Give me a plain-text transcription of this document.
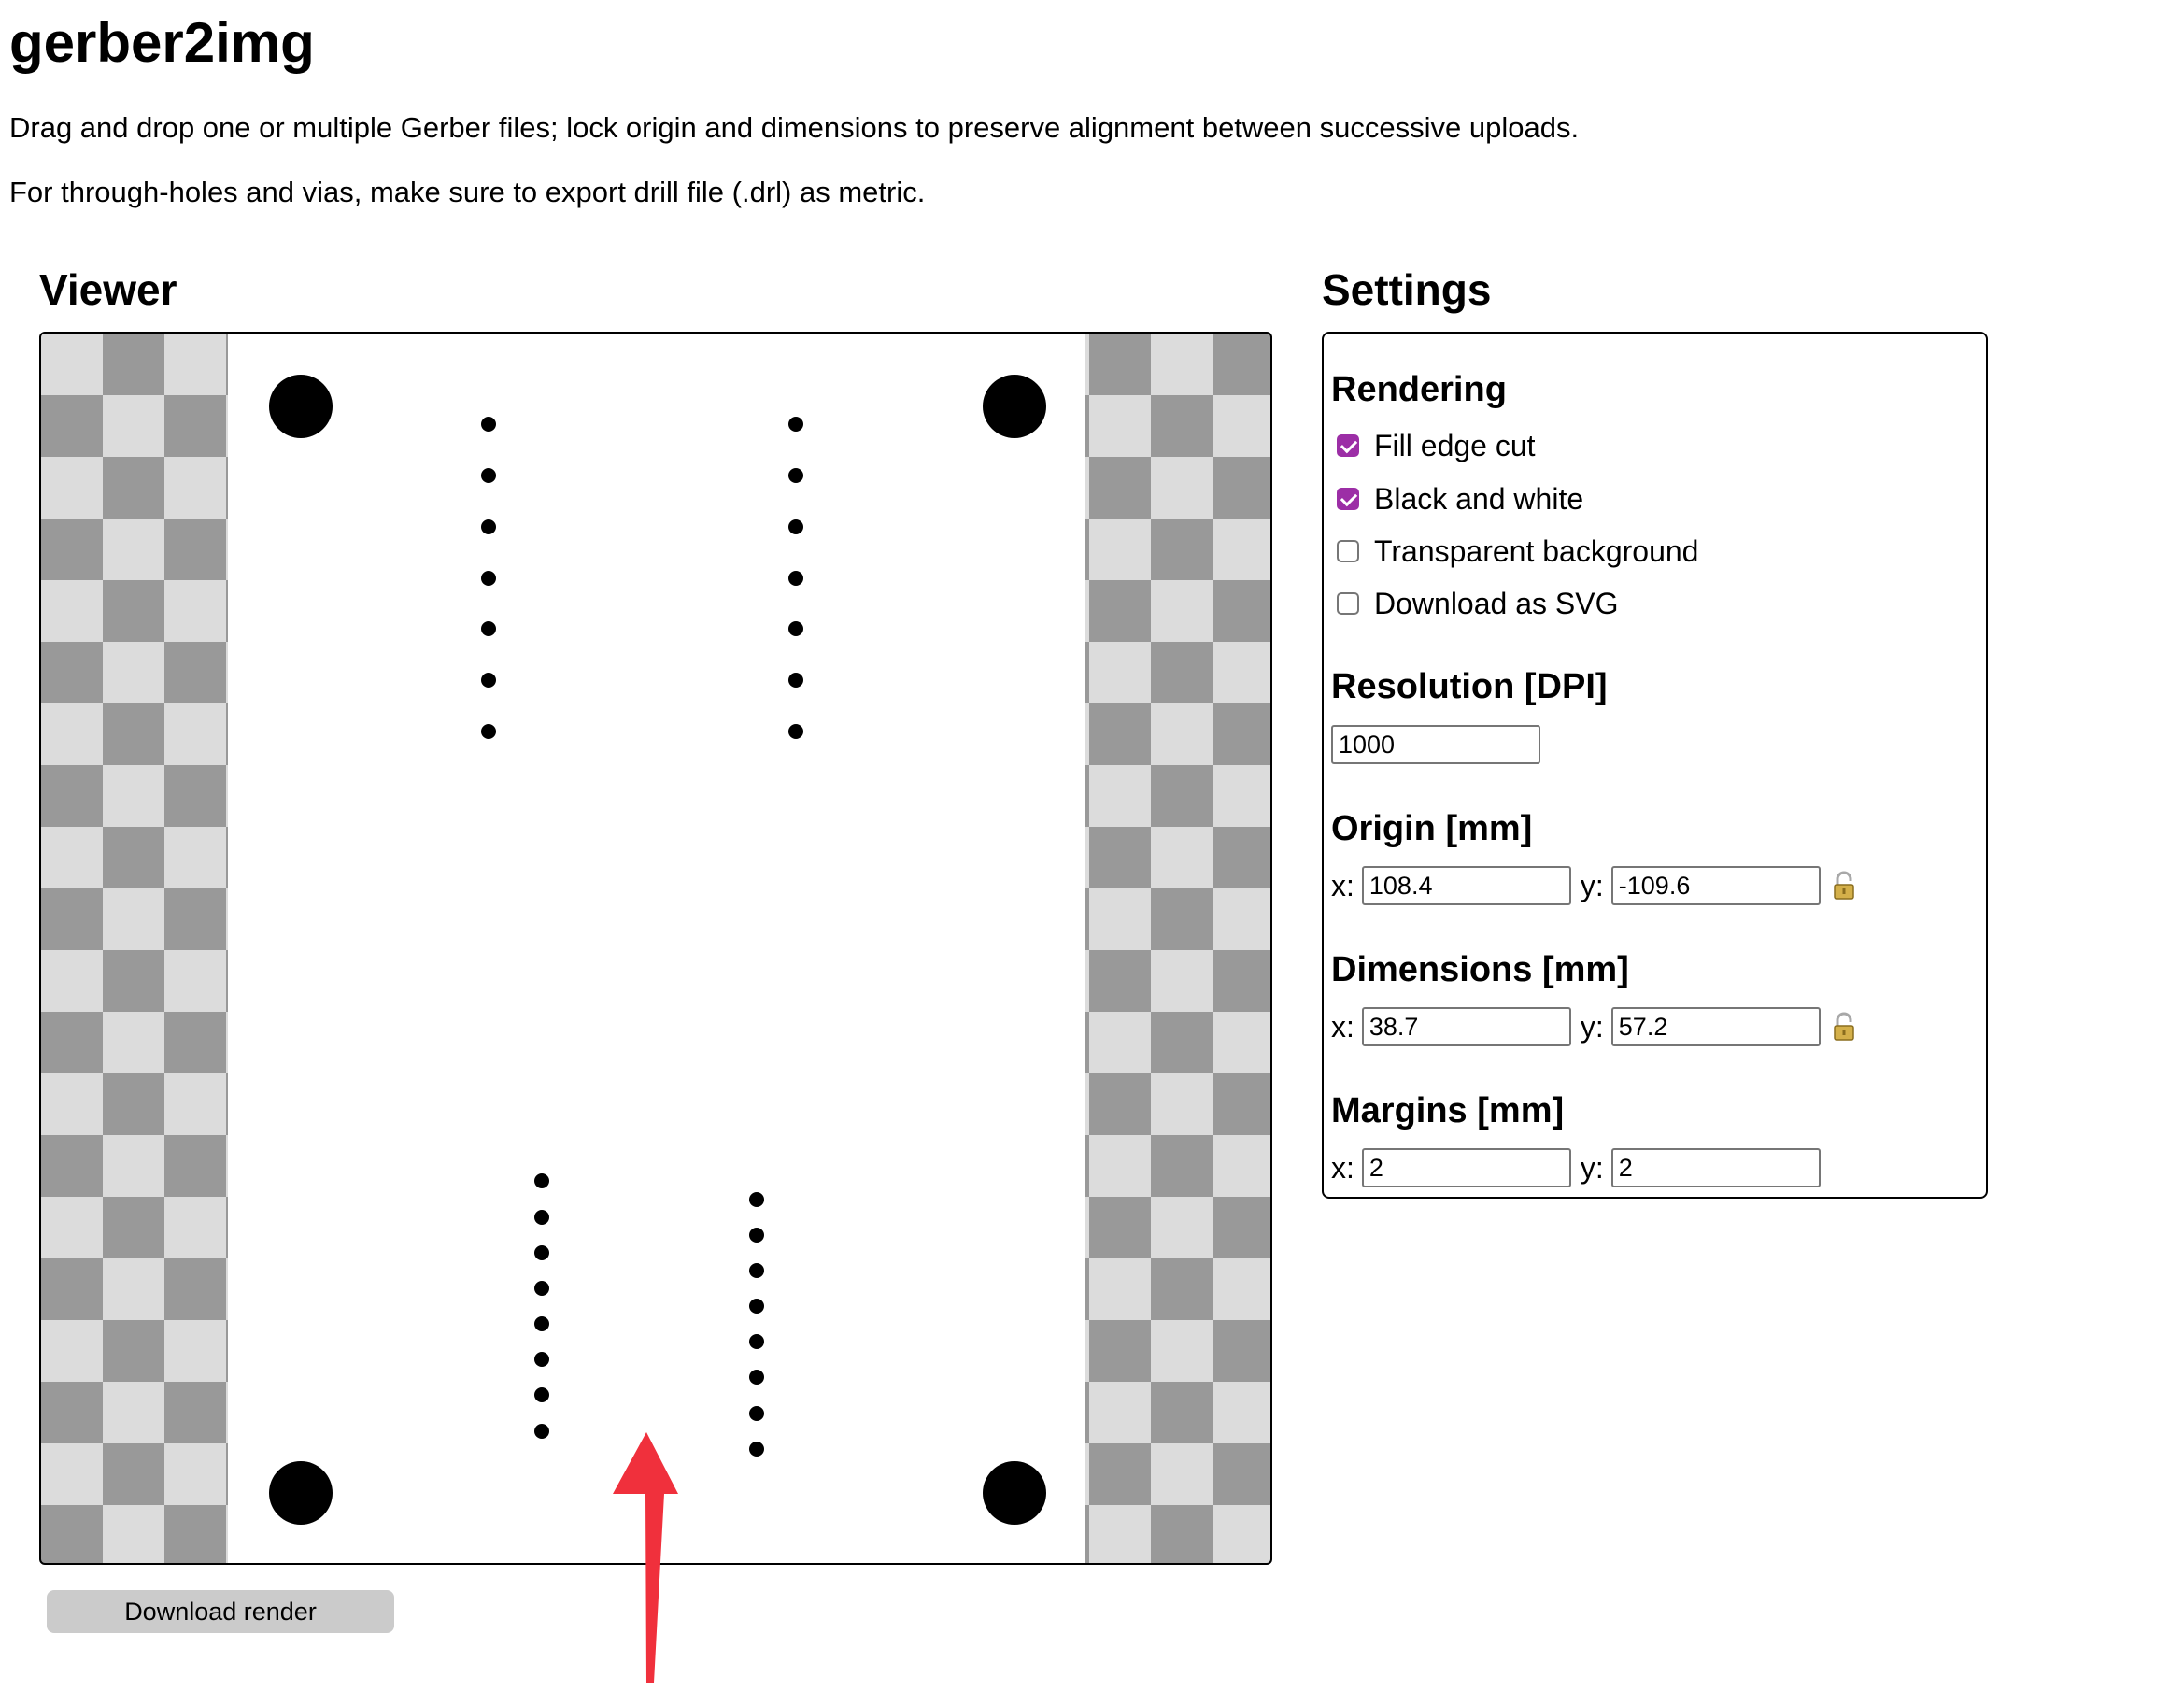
gerber2img

Drag and drop one or multiple Gerber files; lock origin and dimensions to preserve alignment between successive uploads.

For through-holes and vias, make sure to export drill file (.drl) as metric.

Viewer
Download render
Settings
Rendering
Fill edge cut
Black and white
Transparent background
Download as SVG
Resolution [DPI]
1000
Origin [mm]
x:
108.4	y:
-109.6
Dimensions [mm]
x:
38.7	y:
57.2
Margins [mm]
x:
2	y:
2
